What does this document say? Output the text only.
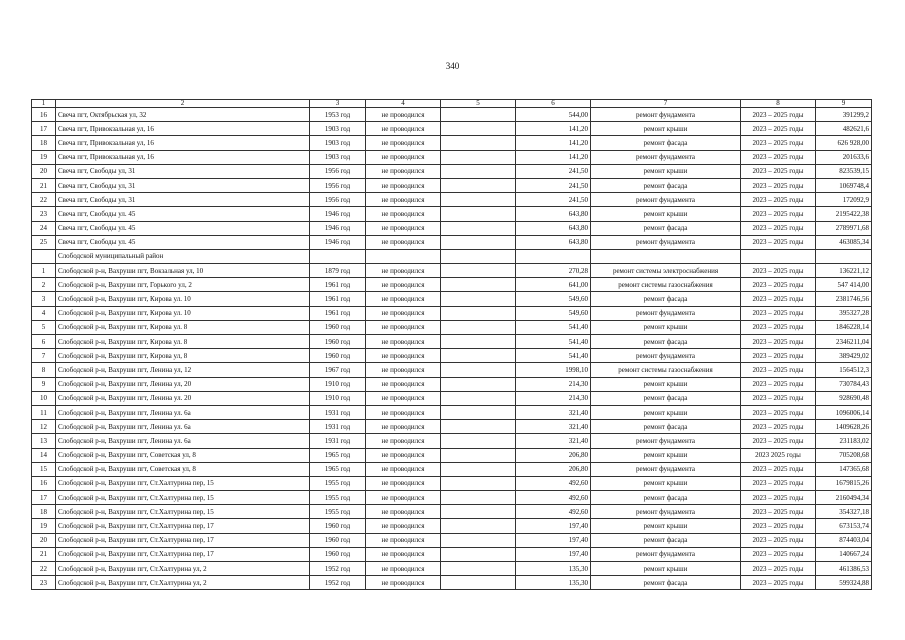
340
1	2	3	4	5	6	7	8	9
16	Свеча пгт, Октябрьская ул, 32	1953 год	не проводился		544,00	ремонт фундамента	2023 – 2025 годы	391299,2
17	Свеча пгт, Привокзальная ул, 16	1903 год	не проводился		141,20	ремонт крыши	2023 – 2025 годы	482621,6
18	Свеча пгт, Привокзальная ул, 16	1903 год	не проводился		141,20	ремонт фасада	2023 – 2025 годы	626 928,00
19	Свеча пгт, Привокзальная ул, 16	1903 год	не проводился		141,20	ремонт фундамента	2023 – 2025 годы	201633,6
20	Свеча пгт, Свободы ул, 31	1956 год	не проводился		241,50	ремонт крыши	2023 – 2025 годы	823539,15
21	Свеча пгт, Свободы ул, 31	1956 год	не проводился		241,50	ремонт фасада	2023 – 2025 годы	1069748,4
22	Свеча пгт, Свободы ул, 31	1956 год	не проводился		241,50	ремонт фундамента	2023 – 2025 годы	172092,9
23	Свеча пгт, Свободы ул. 45	1946 год	не проводился		643,80	ремонт крыши	2023 – 2025 годы	2195422,38
24	Свеча пгт, Свободы ул. 45	1946 год	не проводился		643,80	ремонт фасада	2023 – 2025 годы	2789971,68
25	Свеча пгт, Свободы ул. 45	1946 год	не проводился		643,80	ремонт фундамента	2023 – 2025 годы	463085,34
	Слободской муниципальный район							
1	Слободской р-н, Вахруши пгт, Вокзальная ул, 10	1879 год	не проводился		270,28	ремонт системы электроснабжения	2023 – 2025 годы	136221,12
2	Слободской р-н, Вахруши пгт, Горького ул, 2	1961 год	не проводился		641,00	ремонт системы газоснабжения	2023 – 2025 годы	547 414,00
3	Слободской р-н, Вахруши пгт, Кирова ул. 10	1961 год	не проводился		549,60	ремонт фасада	2023 – 2025 годы	2381746,56
4	Слободской р-н, Вахруши пгт, Кирова ул. 10	1961 год	не проводился		549,60	ремонт фундамента	2023 – 2025 годы	395327,28
5	Слободской р-н, Вахруши пгт, Кирова ул. 8	1960 год	не проводился		541,40	ремонт крыши	2023 – 2025 годы	1846228,14
6	Слободской р-н, Вахруши пгт, Кирова ул. 8	1960 год	не проводился		541,40	ремонт фасада	2023 – 2025 годы	2346211,04
7	Слободской р-н, Вахруши пгт, Кирова ул, 8	1960 год	не проводился		541,40	ремонт фундамента	2023 – 2025 годы	389429,02
8	Слободской р-н, Вахруши пгт, Ленина ул, 12	1967 год	не проводился		1998,10	ремонт системы газоснабжения	2023 – 2025 годы	1564512,3
9	Слободской р-н, Вахруши пгт, Ленина ул, 20	1910 год	не проводился		214,30	ремонт крыши	2023 – 2025 годы	730784,43
10	Слободской р-н, Вахруши пгт, Ленина ул. 20	1910 год	не проводился		214,30	ремонт фасада	2023 – 2025 годы	928690,48
11	Слободской р-н, Вахруши пгт, Ленина ул. 6а	1931 год	не проводился		321,40	ремонт крыши	2023 – 2025 годы	1096006,14
12	Слободской р-н, Вахруши пгт, Ленина ул. 6а	1931 год	не проводился		321,40	ремонт фасада	2023 – 2025 годы	1409628,26
13	Слободской р-н, Вахруши пгт, Ленина ул. 6а	1931 год	не проводился		321,40	ремонт фундамента	2023 – 2025 годы	231183,02
14	Слободской р-н, Вахруши пгт, Советская ул, 8	1965 год	не проводился		206,80	ремонт крыши	2023 2025 годы	705208,68
15	Слободской р-н, Вахруши пгт, Советская ул, 8	1965 год	не проводился		206,80	ремонт фундамента	2023 – 2025 годы	147365,68
16	Слободской р-н, Вахруши пгт, Ст.Халтурина пер, 15	1955 год	не проводился		492,60	ремонт крыши	2023 – 2025 годы	1679815,26
17	Слободской р-н, Вахруши пгт, Ст.Халтурина пер, 15	1955 год	не проводился		492,60	ремонт фасада	2023 – 2025 годы	2160494,34
18	Слободской р-н, Вахруши пгт, Ст.Халтурина пер, 15	1955 год	не проводился		492,60	ремонт фундамента	2023 – 2025 годы	354327,18
19	Слободской р-н, Вахруши пгт, Ст.Халтурина пер, 17	1960 год	не проводился		197,40	ремонт крыши	2023 – 2025 годы	673153,74
20	Слободской р-н, Вахруши пгт, Ст.Халтурина пер, 17	1960 год	не проводился		197,40	ремонт фасада	2023 – 2025 годы	874403,04
21	Слободской р-н, Вахруши пгт, Ст.Халтурина пер, 17	1960 год	не проводился		197,40	ремонт фундамента	2023 – 2025 годы	140667,24
22	Слободской р-н, Вахруши пгт, Ст.Халтурина ул, 2	1952 год	не проводился		135,30	ремонт крыши	2023 – 2025 годы	461386,53
23	Слободской р-н, Вахруши пгт, Ст.Халтурина ул, 2	1952 год	не проводился		135,30	ремонт фасада	2023 – 2025 годы	599324,88
